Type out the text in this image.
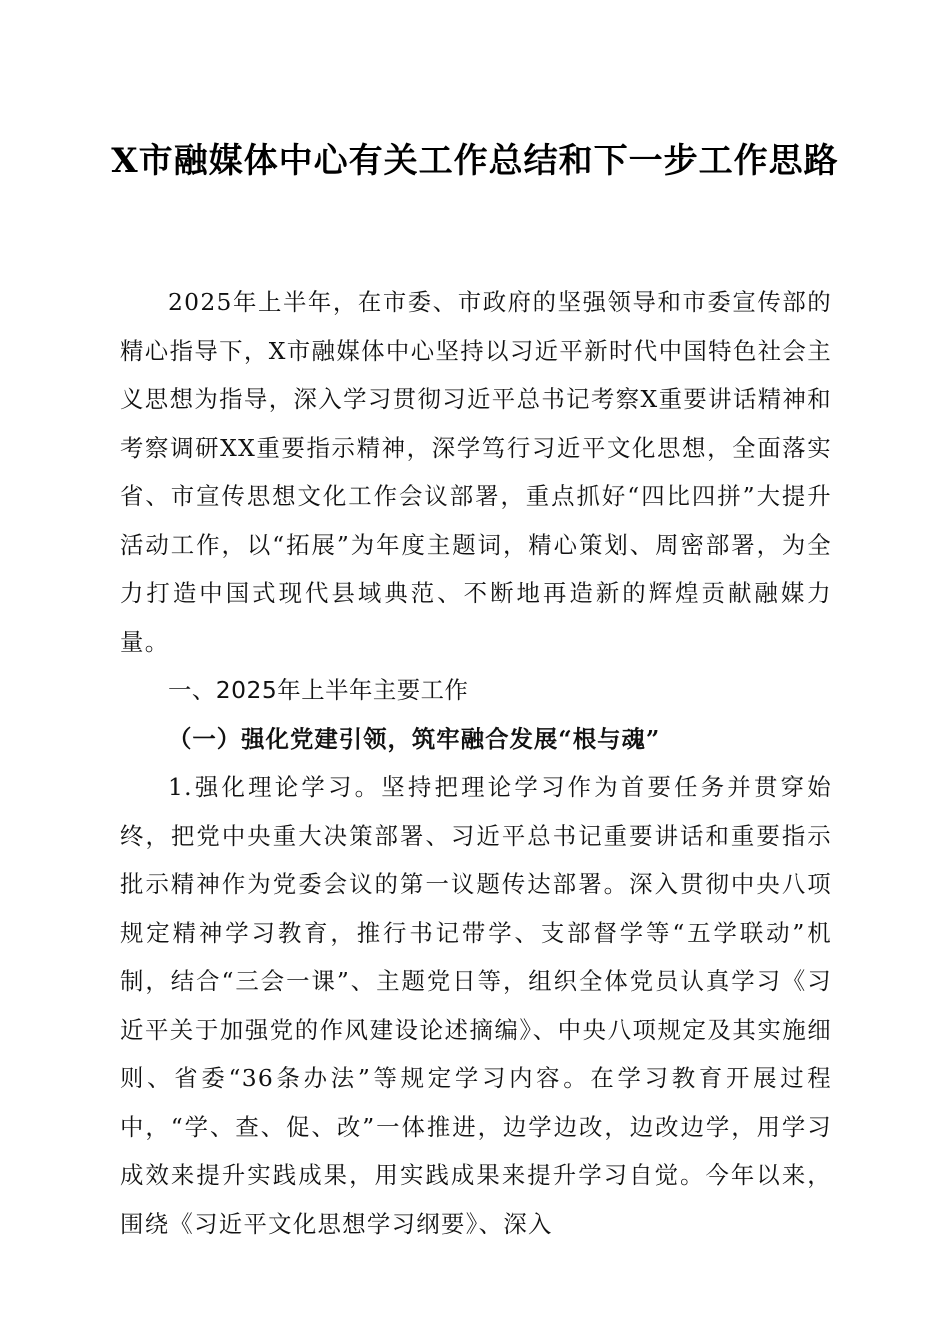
X市融媒体中心有关工作总结和下一步工作思路

2025年上半年，在市委、市政府的坚强领导和市委宣传部的精心指导下，X市融媒体中心坚持以习近平新时代中国特色社会主义思想为指导，深入学习贯彻习近平总书记考察X重要讲话精神和考察调研XX重要指示精神，深学笃行习近平文化思想，全面落实省、市宣传思想文化工作会议部署，重点抓好“四比四拼”大提升活动工作，以“拓展”为年度主题词，精心策划、周密部署，为全力打造中国式现代县域典范、不断地再造新的辉煌贡献融媒力量。

一、2025年上半年主要工作
（一）强化党建引领，筑牢融合发展“根与魂”

1.强化理论学习。坚持把理论学习作为首要任务并贯穿始终，把党中央重大决策部署、习近平总书记重要讲话和重要指示批示精神作为党委会议的第一议题传达部署。深入贯彻中央八项规定精神学习教育，推行书记带学、支部督学等“五学联动”机制，结合“三会一课”、主题党日等，组织全体党员认真学习《习近平关于加强党的作风建设论述摘编》、中央八项规定及其实施细则、省委“36条办法”等规定学习内容。在学习教育开展过程中，“学、查、促、改”一体推进，边学边改，边改边学，用学习成效来提升实践成果，用实践成果来提升学习自觉。今年以来，围绕《习近平文化思想学习纲要》、深入
